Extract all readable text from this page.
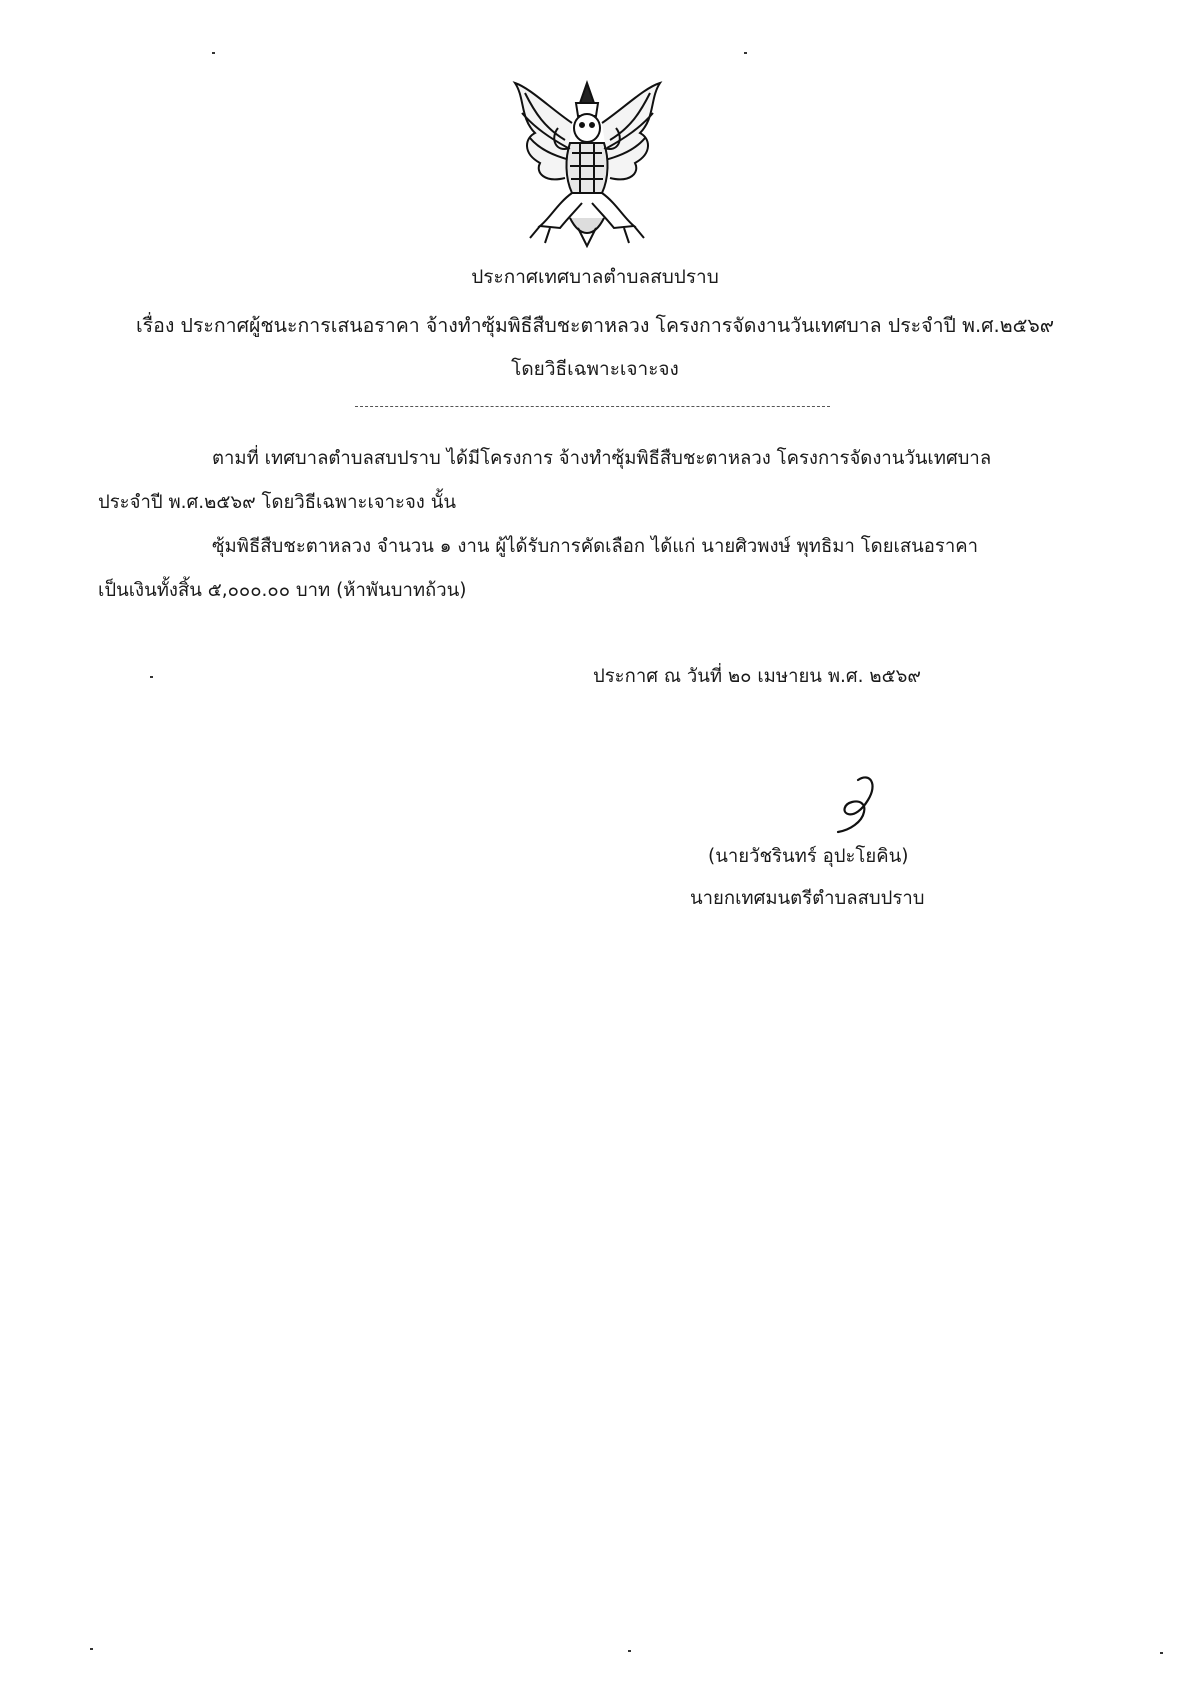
ประกาศเทศบาลตำบลสบปราบ
เรื่อง ประกาศผู้ชนะการเสนอราคา จ้างทำซุ้มพิธีสืบชะตาหลวง โครงการจัดงานวันเทศบาล ประจำปี พ.ศ.๒๕๖๙
โดยวิธีเฉพาะเจาะจง
ตามที่ เทศบาลตำบลสบปราบ ได้มีโครงการ จ้างทำซุ้มพิธีสืบชะตาหลวง โครงการจัดงานวันเทศบาล
ประจำปี พ.ศ.๒๕๖๙ โดยวิธีเฉพาะเจาะจง นั้น
ซุ้มพิธีสืบชะตาหลวง จำนวน ๑ งาน ผู้ได้รับการคัดเลือก ได้แก่ นายศิวพงษ์ พุทธิมา โดยเสนอราคา
เป็นเงินทั้งสิ้น ๕,๐๐๐.๐๐ บาท (ห้าพันบาทถ้วน)
ประกาศ ณ วันที่ ๒๐ เมษายน พ.ศ. ๒๕๖๙
(นายวัชรินทร์ อุปะโยคิน)
นายกเทศมนตรีตำบลสบปราบ
